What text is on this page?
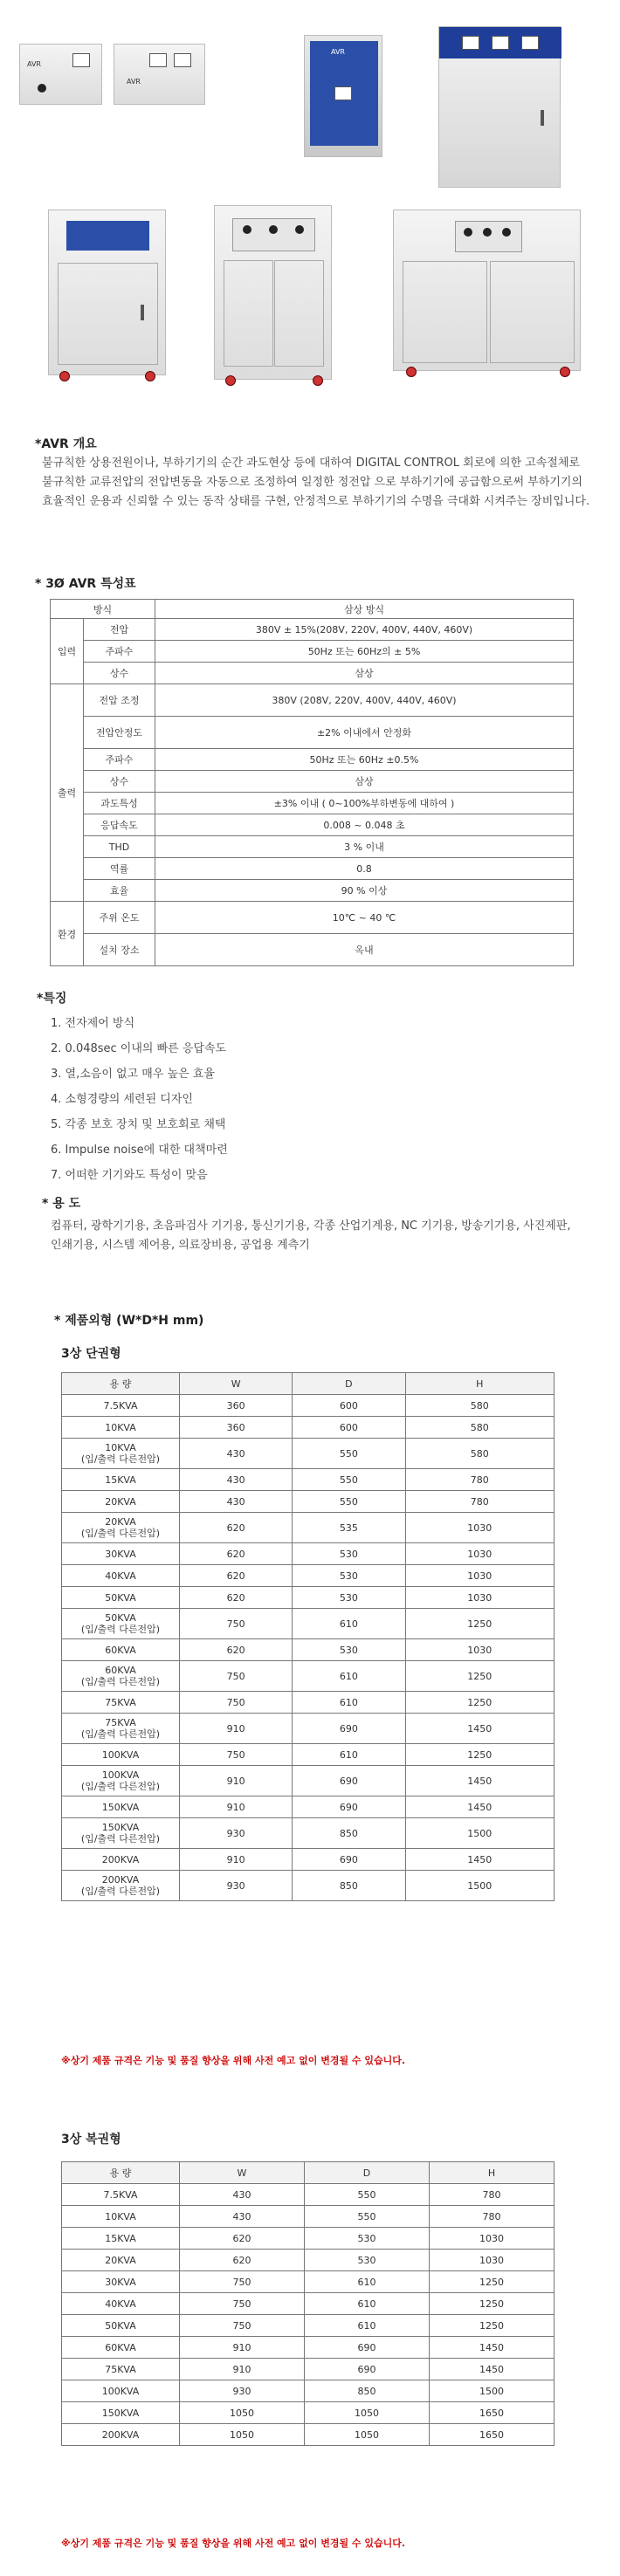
AVR
AVR
AVR
*AVR 개요
불규칙한 상용전원이나, 부하기기의 순간 과도현상 등에 대하여 DIGITAL CONTROL 회로에 의한 고속절체로 불규칙한 교류전압의 전압변동을 자동으로 조정하여 일정한 정전압 으로 부하기기에 공급함으로써 부하기기의 효율적인 운용과 신뢰할 수 있는 동작 상태를 구현, 안정적으로 부하기기의 수명을 극대화 시켜주는 장비입니다.
* 3Ø AVR 특성표
방식		삼상 방식
입력	전압	380V ± 15%(208V, 220V, 400V, 440V, 460V)
	주파수	50Hz 또는 60Hz의 ± 5%
	상수	삼상
출력	전압 조정	380V (208V, 220V, 400V, 440V, 460V)
	전압안정도	±2% 이내에서 안정화
	주파수	50Hz 또는 60Hz ±0.5%
	상수	삼상
	과도특성	±3% 이내 ( 0~100%부하변동에 대하여 )
	응답속도	0.008 ~ 0.048 초
	THD	3 % 이내
	역률	0.8
	효율	90 % 이상
환경	주위 온도	10℃ ~ 40 ℃
	설치 장소	옥내
*특징
1. 전자제어 방식
2. 0.048sec 이내의 빠른 응답속도
3. 열,소음이 없고 매우 높은 효율
4. 소형경량의 세련된 디자인
5. 각종 보호 장치 및 보호회로 채택
6. Impulse noise에 대한 대책마련
7. 어떠한 기기와도 특성이 맞음
* 용 도
컴퓨터, 광학기기용, 초음파검사 기기용, 통신기기용, 각종 산업기계용, NC 기기용, 방송기기용, 사진제판, 인쇄기용, 시스템 제어용, 의료장비용, 공업용 계측기
* 제품외형 (W*D*H mm)
3상 단권형
용 량	W	D	H
7.5KVA	360	600	580
10KVA	360	600	580
10KVA
(입/출력 다른전압)	430	550	580
15KVA	430	550	780
20KVA	430	550	780
20KVA
(입/출력 다른전압)	620	535	1030
30KVA	620	530	1030
40KVA	620	530	1030
50KVA	620	530	1030
50KVA
(입/출력 다른전압)	750	610	1250
60KVA	620	530	1030
60KVA
(입/출력 다른전압)	750	610	1250
75KVA	750	610	1250
75KVA
(입/출력 다른전압)	910	690	1450
100KVA	750	610	1250
100KVA
(입/출력 다른전압)	910	690	1450
150KVA	910	690	1450
150KVA
(입/출력 다른전압)	930	850	1500
200KVA	910	690	1450
200KVA
(입/출력 다른전압)	930	850	1500
※상기 제품 규격은 기능 및 품질 향상을 위해 사전 예고 없이 변경될 수 있습니다.
3상 복권형
용 량	W	D	H
7.5KVA	430	550	780
10KVA	430	550	780
15KVA	620	530	1030
20KVA	620	530	1030
30KVA	750	610	1250
40KVA	750	610	1250
50KVA	750	610	1250
60KVA	910	690	1450
75KVA	910	690	1450
100KVA	930	850	1500
150KVA	1050	1050	1650
200KVA	1050	1050	1650
※상기 제품 규격은 기능 및 품질 향상을 위해 사전 예고 없이 변경될 수 있습니다.
